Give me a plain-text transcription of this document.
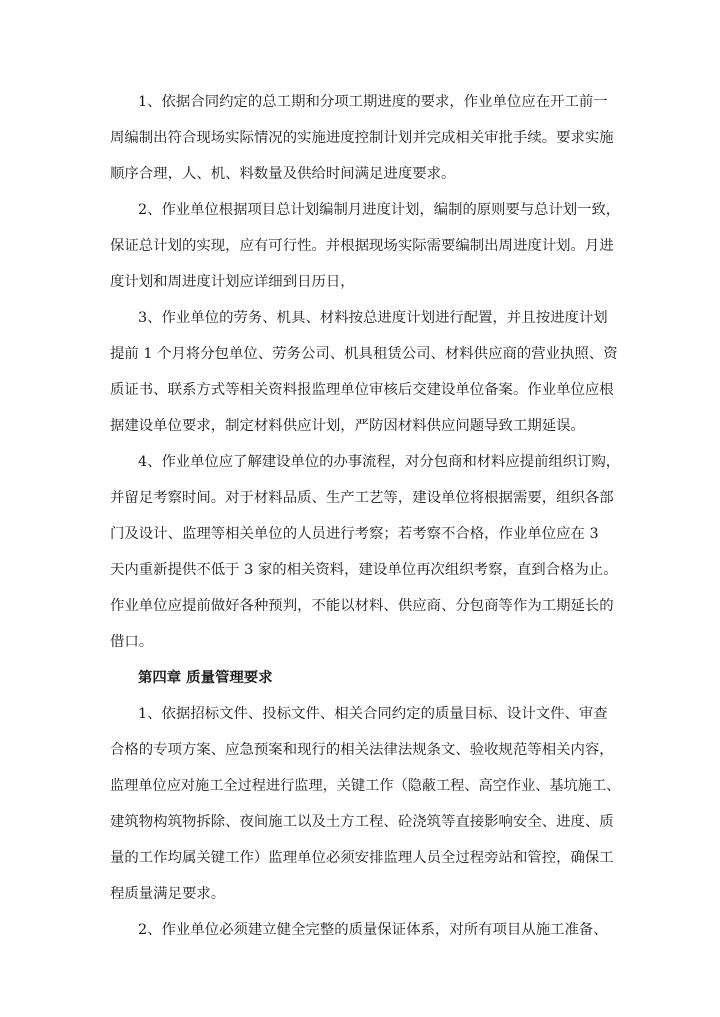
1、依据合同约定的总工期和分项工期进度的要求，作业单位应在开工前一
周编制出符合现场实际情况的实施进度控制计划并完成相关审批手续。要求实施
顺序合理，人、机、料数量及供给时间满足进度要求。
2、作业单位根据项目总计划编制月进度计划，编制的原则要与总计划一致，
保证总计划的实现，应有可行性。并根据现场实际需要编制出周进度计划。月进
度计划和周进度计划应详细到日历日，
3、作业单位的劳务、机具、材料按总进度计划进行配置，并且按进度计划
提前 1 个月将分包单位、劳务公司、机具租赁公司、材料供应商的营业执照、资
质证书、联系方式等相关资料报监理单位审核后交建设单位备案。作业单位应根
据建设单位要求，制定材料供应计划，严防因材料供应问题导致工期延误。
4、作业单位应了解建设单位的办事流程，对分包商和材料应提前组织订购，
并留足考察时间。对于材料品质、生产工艺等，建设单位将根据需要，组织各部
门及设计、监理等相关单位的人员进行考察；若考察不合格，作业单位应在 3
天内重新提供不低于 3 家的相关资料，建设单位再次组织考察，直到合格为止。
作业单位应提前做好各种预判，不能以材料、供应商、分包商等作为工期延长的
借口。
第四章 质量管理要求
1、依据招标文件、投标文件、相关合同约定的质量目标、设计文件、审查
合格的专项方案、应急预案和现行的相关法律法规条文、验收规范等相关内容，
监理单位应对施工全过程进行监理，关键工作（隐蔽工程、高空作业、基坑施工、
建筑物构筑物拆除、夜间施工以及土方工程、砼浇筑等直接影响安全、进度、质
量的工作均属关键工作）监理单位必须安排监理人员全过程旁站和管控，确保工
程质量满足要求。
2、作业单位必须建立健全完整的质量保证体系，对所有项目从施工准备、
